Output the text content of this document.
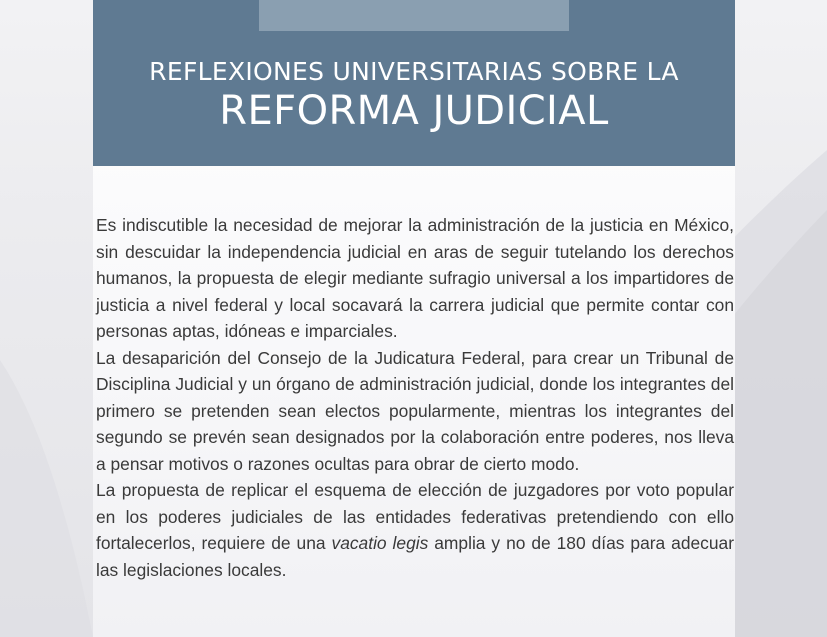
REFLEXIONES UNIVERSITARIAS SOBRE LA
REFORMA JUDICIAL

Es indiscutible la necesidad de mejorar la administración de la justicia en México, sin descuidar la independencia judicial en aras de seguir tutelando los derechos humanos, la propuesta de elegir mediante sufragio universal a los impartidores de justicia a nivel federal y local socavará la carrera judicial que permite contar con personas aptas, idóneas e imparciales.

La desaparición del Consejo de la Judicatura Federal, para crear un Tribunal de Disciplina Judicial y un órgano de administración judicial, donde los integrantes del primero se pretenden sean electos popularmente, mientras los integrantes del segundo se prevén sean designados por la colaboración entre poderes, nos lleva a pensar motivos o razones ocultas para obrar de cierto modo.

La propuesta de replicar el esquema de elección de juzgadores por voto popular en los poderes judiciales de las entidades federativas pretendiendo con ello fortalecerlos, requiere de una vacatio legis amplia y no de 180 días para adecuar las legislaciones locales.
